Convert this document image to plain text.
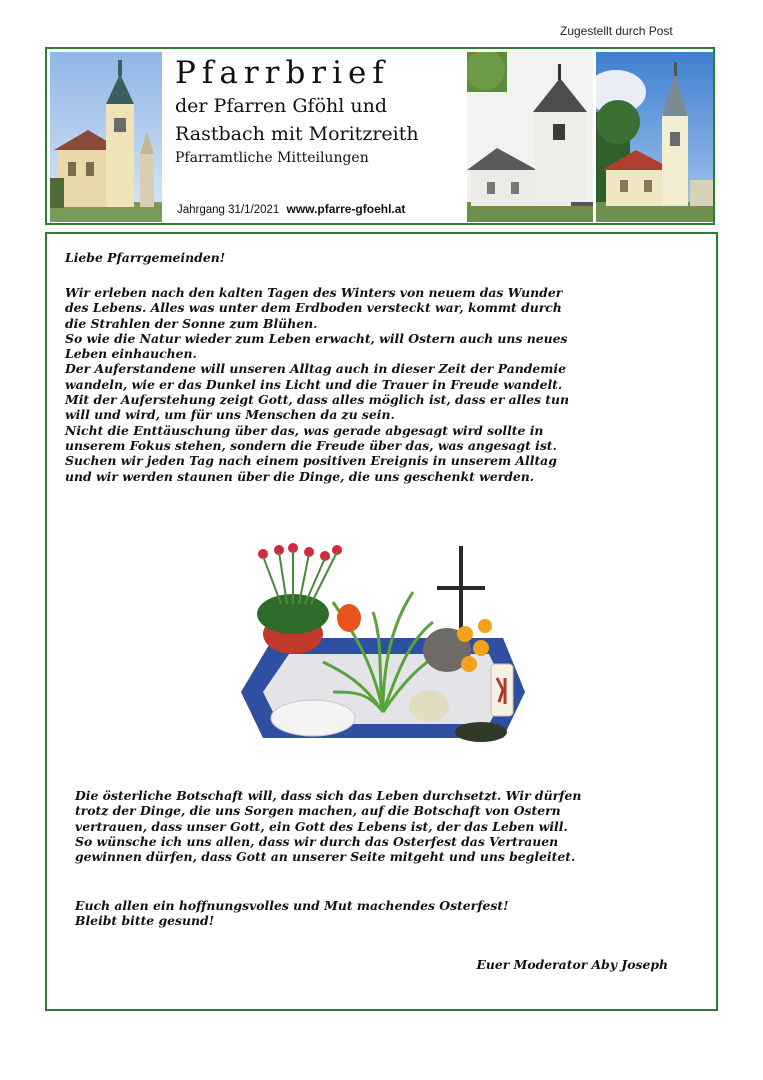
Zugestellt durch Post
Pfarrbrief
der Pfarren Gföhl und
Rastbach mit Moritzreith
Pfarramtliche Mitteilungen
Jahrgang 31/1/2021 www.pfarre-gfoehl.at
Liebe Pfarrgemeinden!

Wir erleben nach den kalten Tagen des Winters von neuem das Wunder

des Lebens. Alles was unter dem Erdboden versteckt war, kommt durch

die Strahlen der Sonne zum Blühen.

So wie die Natur wieder zum Leben erwacht, will Ostern auch uns neues

Leben einhauchen.

Der Auferstandene will unseren Alltag auch in dieser Zeit der Pandemie

wandeln, wie er das Dunkel ins Licht und die Trauer in Freude wandelt.

Mit der Auferstehung zeigt Gott, dass alles möglich ist, dass er alles tun

will und wird, um für uns Menschen da zu sein.

Nicht die Enttäuschung über das, was gerade abgesagt wird sollte in

unserem Fokus stehen, sondern die Freude über das, was angesagt ist.

Suchen wir jeden Tag nach einem positiven Ereignis in unserem Alltag

und wir werden staunen über die Dinge, die uns geschenkt werden.

Die österliche Botschaft will, dass sich das Leben durchsetzt. Wir dürfen

trotz der Dinge, die uns Sorgen machen, auf die Botschaft von Ostern

vertrauen, dass unser Gott, ein Gott des Lebens ist, der das Leben will.

So wünsche ich uns allen, dass wir durch das Osterfest das Vertrauen

gewinnen dürfen, dass Gott an unserer Seite mitgeht und uns begleitet.

Euch allen ein hoffnungsvolles und Mut machendes Osterfest!

Bleibt bitte gesund!

Euer Moderator Aby Joseph
